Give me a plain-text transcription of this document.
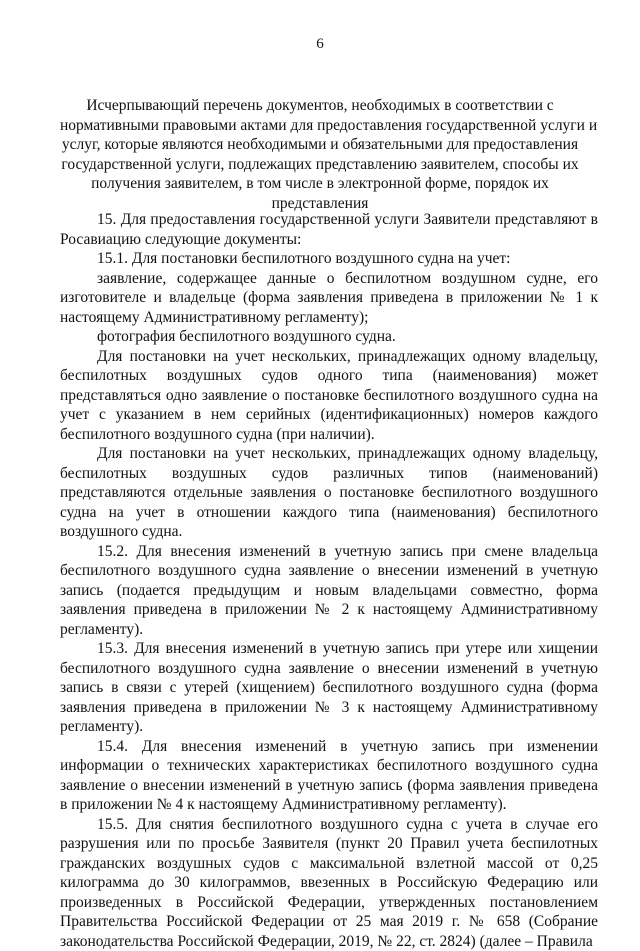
6
Исчерпывающий перечень документов, необходимых в соответствии с
нормативными правовыми актами для предоставления государственной услуги и
услуг, которые являются необходимыми и обязательными для предоставления
государственной услуги, подлежащих представлению заявителем, способы их
получения заявителем, в том числе в электронной форме, порядок их
представления

15. Для предоставления государственной услуги Заявители представляют в Росавиацию следующие документы:

15.1. Для постановки беспилотного воздушного судна на учет:

заявление, содержащее данные о беспилотном воздушном судне, его изготовителе и владельце (форма заявления приведена в приложении № 1 к настоящему Административному регламенту);

фотография беспилотного воздушного судна.

Для постановки на учет нескольких, принадлежащих одному владельцу, беспилотных воздушных судов одного типа (наименования) может представляться одно заявление о постановке беспилотного воздушного судна на учет с указанием в нем серийных (идентификационных) номеров каждого беспилотного воздушного судна (при наличии).

Для постановки на учет нескольких, принадлежащих одному владельцу, беспилотных воздушных судов различных типов (наименований) представляются отдельные заявления о постановке беспилотного воздушного судна на учет в отношении каждого типа (наименования) беспилотного воздушного судна.

15.2. Для внесения изменений в учетную запись при смене владельца беспилотного воздушного судна заявление о внесении изменений в учетную запись (подается предыдущим и новым владельцами совместно, форма заявления приведена в приложении № 2 к настоящему Административному регламенту).

15.3. Для внесения изменений в учетную запись при утере или хищении беспилотного воздушного судна заявление о внесении изменений в учетную запись в связи с утерей (хищением) беспилотного воздушного судна (форма заявления приведена в приложении № 3 к настоящему Административному регламенту).

15.4. Для внесения изменений в учетную запись при изменении информации о технических характеристиках беспилотного воздушного судна заявление о внесении изменений в учетную запись (форма заявления приведена в приложении № 4 к настоящему Административному регламенту).

15.5. Для снятия беспилотного воздушного судна с учета в случае его разрушения или по просьбе Заявителя (пункт 20 Правил учета беспилотных гражданских воздушных судов с максимальной взлетной массой от 0,25 килограмма до 30 килограммов, ввезенных в Российскую Федерацию или произведенных в Российской Федерации, утвержденных постановлением Правительства Российской Федерации от 25 мая 2019 г. № 658 (Собрание законодательства Российской Федерации, 2019, № 22, ст. 2824) (далее – Правила
